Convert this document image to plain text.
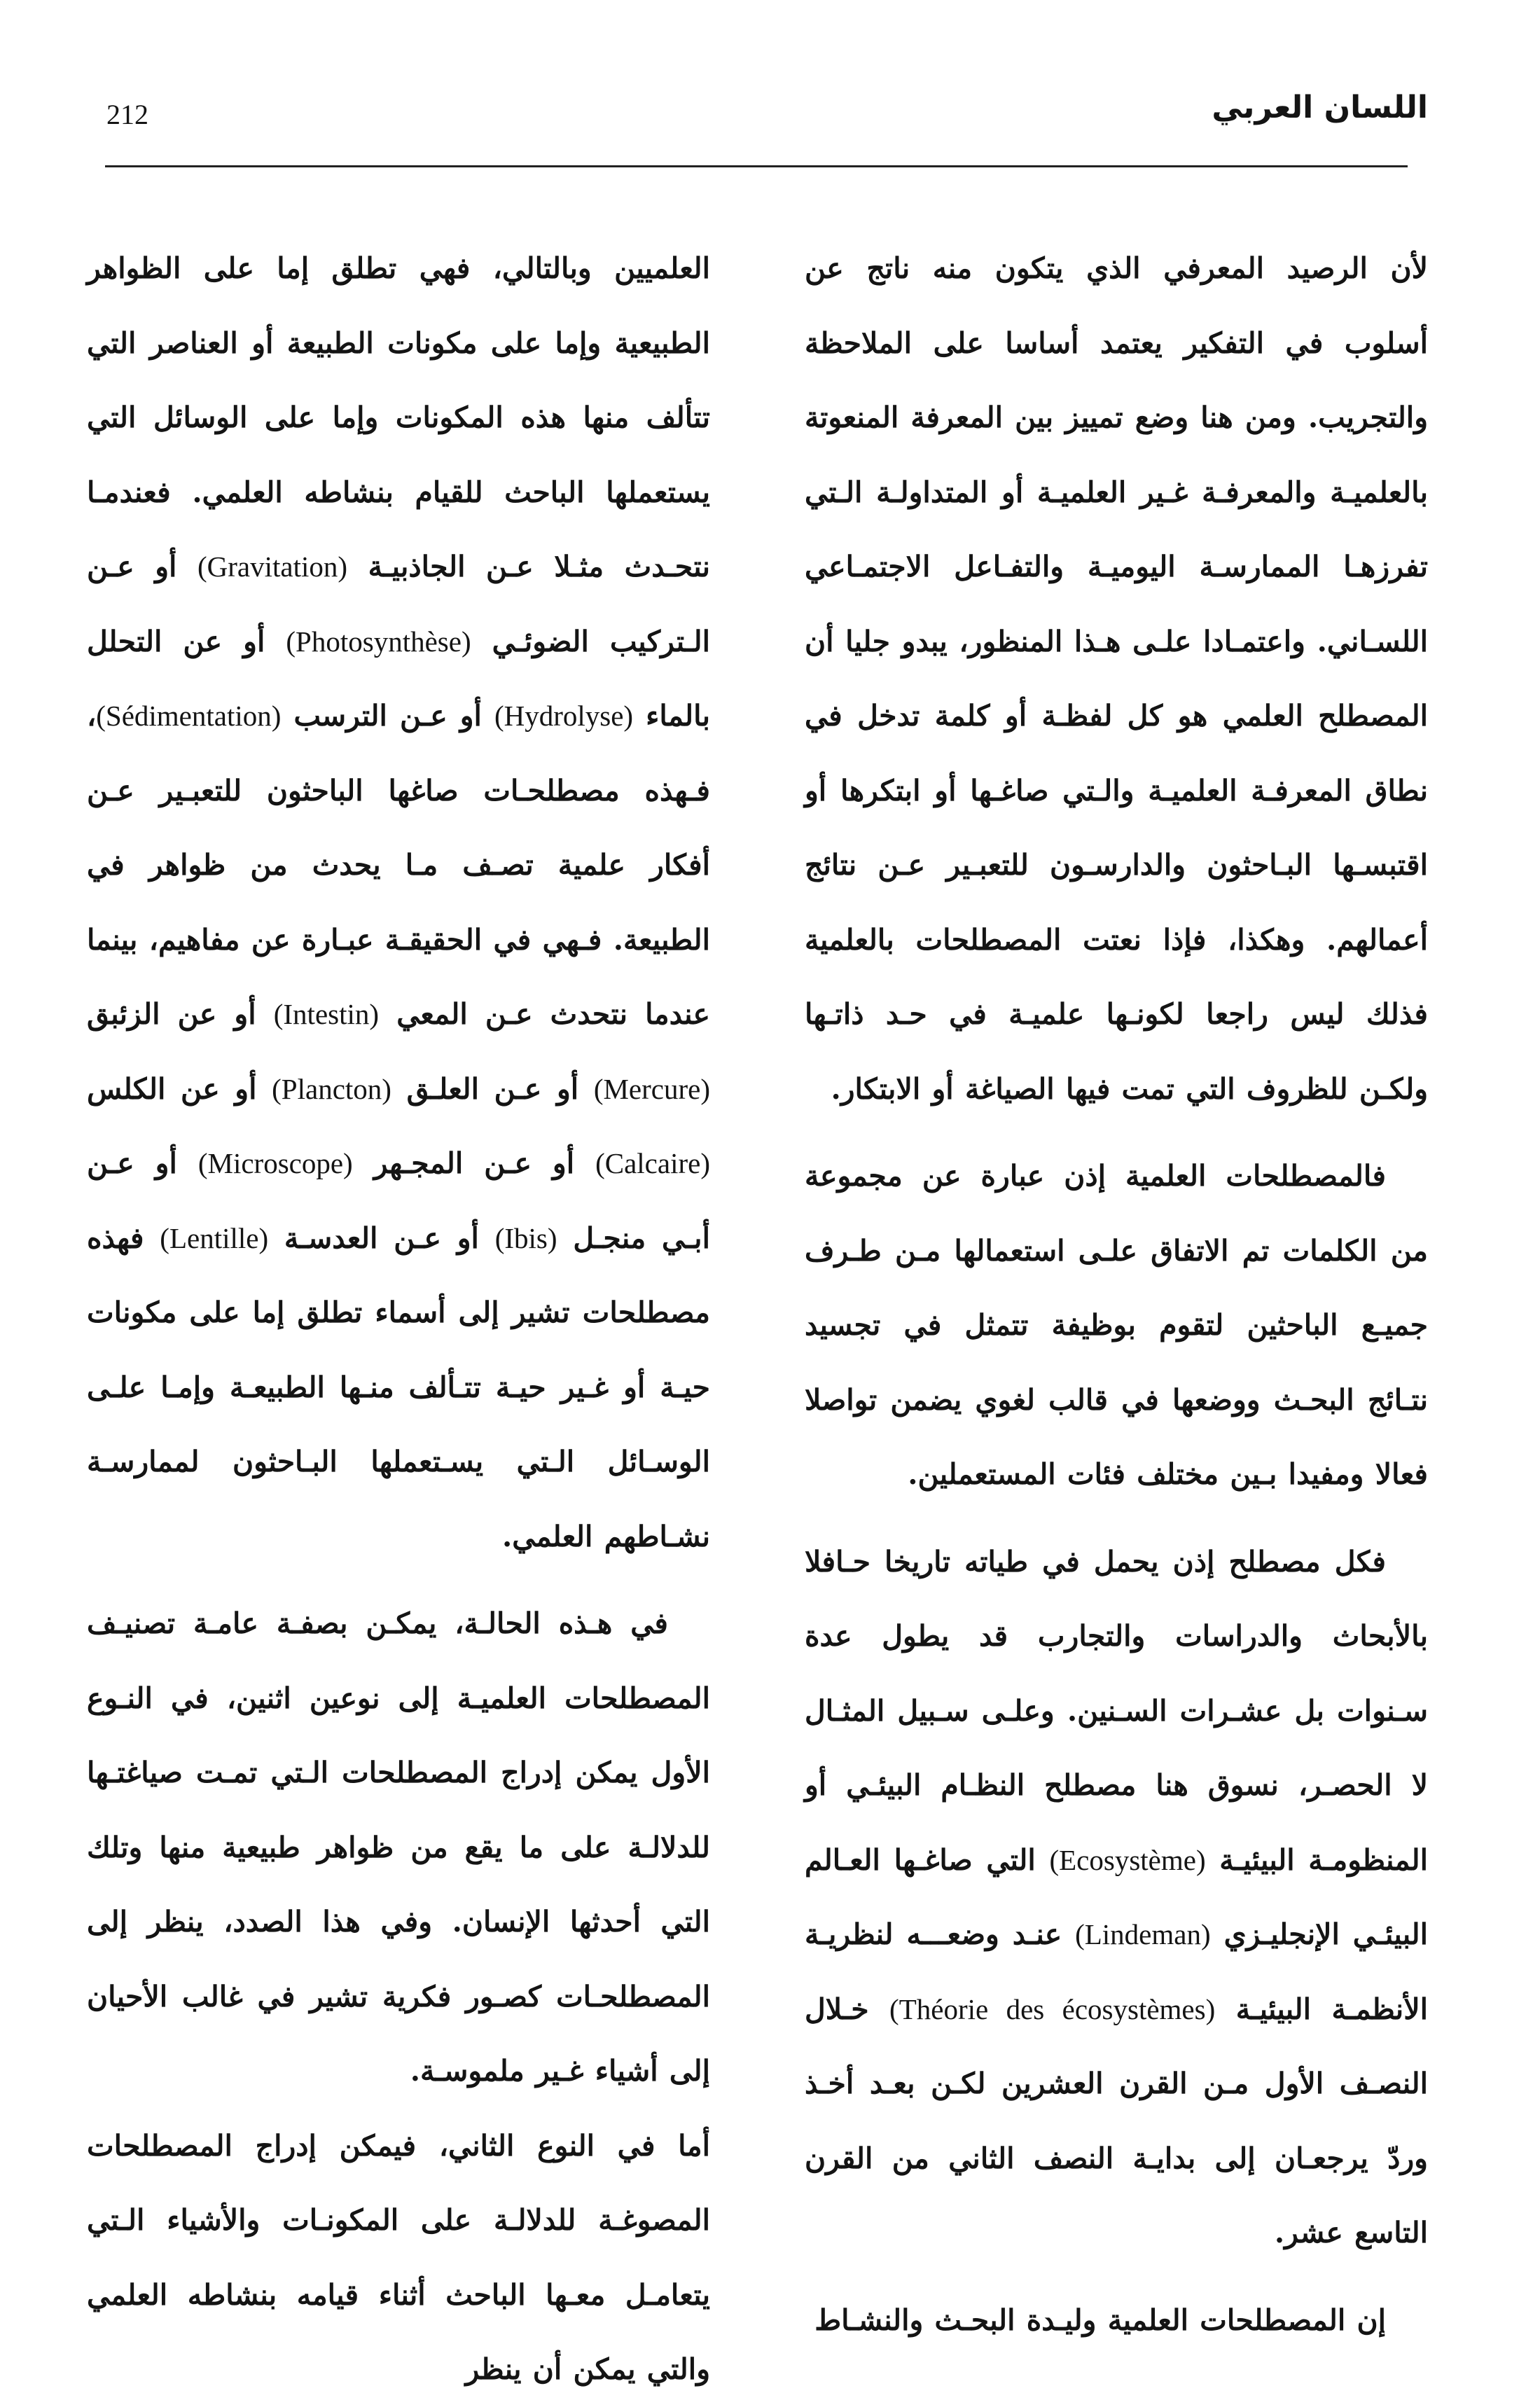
212	اللسان العربي

لأن الرصيد المعرفي الذي يتكون منه ناتج عن أسلوب في التفكير يعتمد أساسا على الملاحظة والتجريب. ومن هنا وضع تمييز بين المعرفة المنعوتة بالعلميـة والمعرفـة غـير العلميـة أو المتداولـة الـتي تفرزهـا الممارسـة اليوميـة والتفـاعل الاجتمـاعي اللسـاني. واعتمـادا علـى هـذا المنظور، يبدو جليا أن المصطلح العلمي هو كل لفظـة أو كلمة تدخل في نطاق المعرفـة العلميـة والـتي صاغـها أو ابتكرها أو اقتبسـها البـاحثون والدارسـون للتعبـير عـن نتائج أعمالهم. وهكذا، فإذا نعتت المصطلحات بالعلمية فذلك ليس راجعا لكونـها علميـة في حـد ذاتـها ولكـن للظروف التي تمت فيها الصياغة أو الابتكار.

فالمصطلحات العلمية إذن عبارة عن مجموعة من الكلمات تم الاتفاق علـى استعمالها مـن طـرف جميـع الباحثين لتقوم بوظيفة تتمثل في تجسيد نتـائج البحـث ووضعها في قالب لغوي يضمن تواصلا فعالا ومفيدا بـين مختلف فئات المستعملين.

فكل مصطلح إذن يحمل في طياته تاريخا حـافلا بالأبحاث والدراسات والتجارب قد يطول عدة سـنوات بل عشـرات السـنين. وعلـى سـبيل المثـال لا الحصـر، نسوق هنا مصطلح النظـام البيئـي أو المنظومـة البيئيـة (Ecosystème) التي صاغـها العـالم البيئـي الإنجليـزي (Lindeman) عنـد وضعـــه لنظريـة الأنظمـة البيئيـة (Théorie des écosystèmes) خـلال النصـف الأول مـن القرن العشرين لكـن بعـد أخـذ وردّ يرجعـان إلى بدايـة النصف الثاني من القرن التاسع عشر.

إن المصطلحات العلمية وليـدة البحـث والنشـاط

العلميين وبالتالي، فهي تطلق إما على الظواهر الطبيعية وإما على مكونات الطبيعة أو العناصر التي تتألف منها هذه المكونات وإما على الوسائل التي يستعملها الباحث للقيام بنشاطه العلمي. فعندمـا نتحـدث مثـلا عـن الجاذبيـة (Gravitation) أو عـن الـتركيب الضوئـي (Photosynthèse) أو عن التحلل بالماء (Hydrolyse) أو عـن الترسب (Sédimentation)، فـهذه مصطلحـات صاغها الباحثون للتعبـير عـن أفكار علمية تصـف مـا يحدث من ظواهر في الطبيعة. فـهي في الحقيقـة عبـارة عن مفاهيم، بينما عندما نتحدث عـن المعي (Intestin) أو عن الزئبق (Mercure) أو عـن العلـق (Plancton) أو عن الكلس (Calcaire) أو عـن المجـهر (Microscope) أو عـن أبـي منجـل (Ibis) أو عـن العدسـة (Lentille) فهذه مصطلحات تشير إلى أسماء تطلق إما على مكونات حيـة أو غـير حيـة تتـألف منـها الطبيعـة وإمـا علـى الوسـائل الـتي يسـتعملها البـاحثون لممارسـة نشـاطهم العلمي.

في هـذه الحالـة، يمكـن بصفـة عامـة تصنيـف المصطلحات العلميـة إلى نوعين اثنين، في النـوع الأول يمكن إدراج المصطلحات الـتي تمـت صياغتـها للدلالـة على ما يقع من ظواهر طبيعية منها وتلك التي أحدثها الإنسان. وفي هذا الصدد، ينظر إلى المصطلحـات كصـور فكرية تشير في غالب الأحيان إلى أشياء غـير ملموسـة.

أما في النوع الثاني، فيمكن إدراج المصطلحات المصوغـة للدلالـة على المكونـات والأشياء الـتي يتعامـل معـها الباحث أثناء قيامه بنشاطه العلمي والتي يمكن أن ينظر
